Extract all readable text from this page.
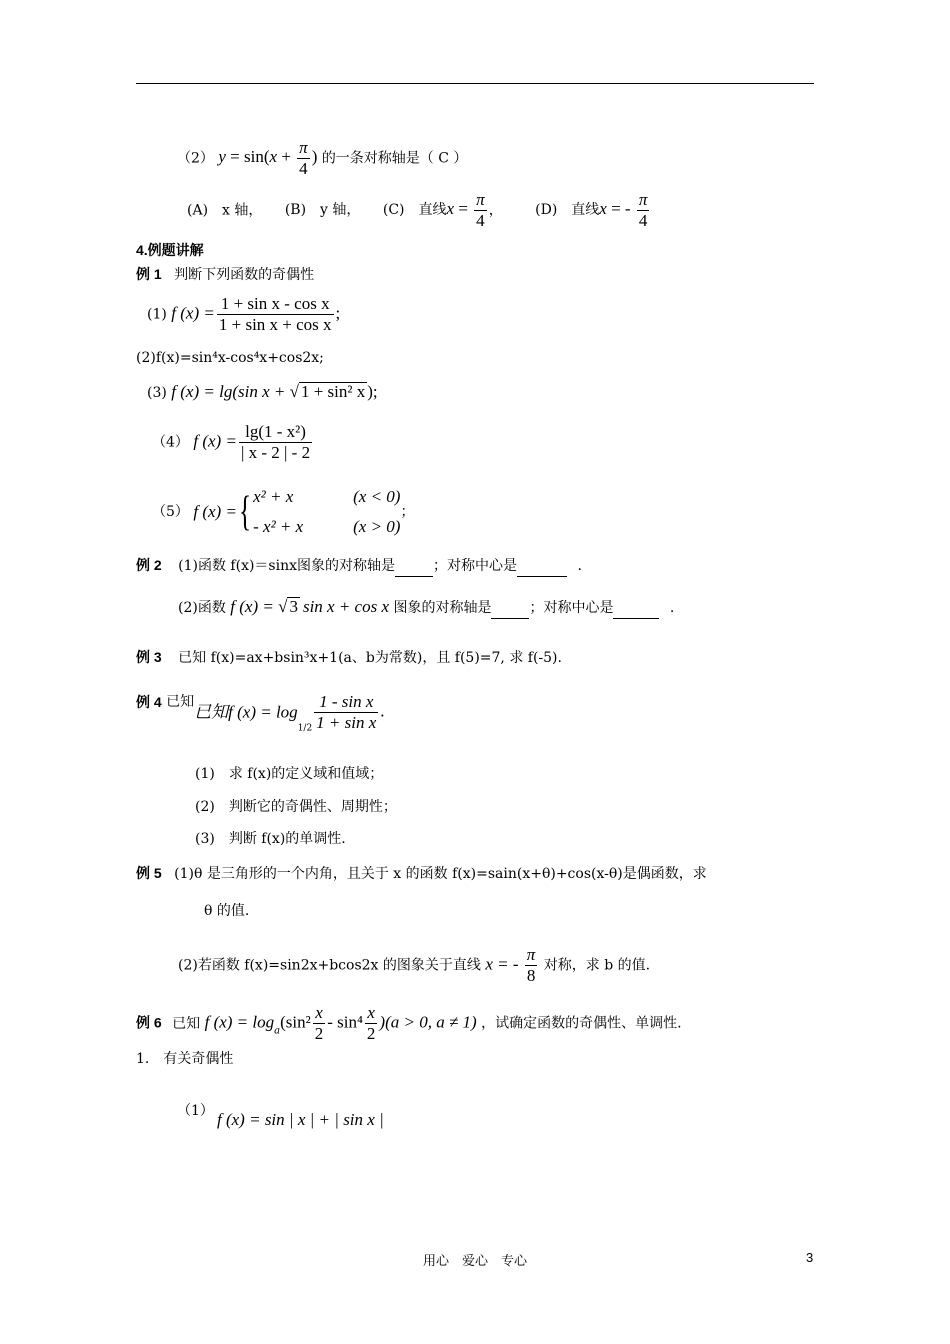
（2） $y = \sin(x + \frac{\pi}{4}$ ) 的一条对称轴是（ C ）
(A)　x 轴， (B)　y 轴， (C)　直线$x = \frac{\pi}{4}$ ， (D)　直线x = - $\frac{\pi}{4}$
4.例题讲解
例 1 判断下列函数的奇偶性
(1) f $(x) = \frac{\text{1 + sin x - cos x}}{\text{1 + sin x + cos x}}$ ;
(2)f(x)=sin⁴x-cos⁴x+cos2x;
(3) f (x) = lg(sin x + √ 1 + sin² x );
（4） f $(x) = \frac{\text{lg(1 - x²)}}{| x - 2 | - 2}$
（5） f (x) ={ x² + x	(x < 0)
- x² + x	(x > 0)
；
例 2 (1)函数 f(x)＝sinx图象的对称轴是	；对称中心是	.
(2)函数 f (x) = √ 3 sin x + cos x 图象的对称轴是	；对称中心是	.
例 3 已知 f(x)=ax+bsin³x+1(a、b为常数)，且 f(5)=7, 求 f(-5).
例 4 已知已知f $(x) = \log_{1/2} \frac{\text{1 - sin x}}{\text{1 + sin x}}$ .
(1)　求 f(x)的定义域和值域；
(2)　判断它的奇偶性、周期性；
(3)　判断 f(x)的单调性.
例 5 (1)θ 是三角形的一个内角，且关于 x 的函数 f(x)=sain(x+θ)+cos(x-θ)是偶函数，求
θ 的值.
(2)若函数 f(x)=sin2x+bcos2x 的图象关于直线 x = - $\frac{\pi}{8}$ 对称，求 b 的值.
例 6 已知 f $(x) = \log_a(\sin^2 \frac{x}{2} - \sin^4 \frac{x}{2} )(a > 0$, a ≠ 1) ，试确定函数的奇偶性、单调性.
1.　有关奇偶性
（1） f (x) = sin | x | + | sin x |
用心　爱心　专心	3
